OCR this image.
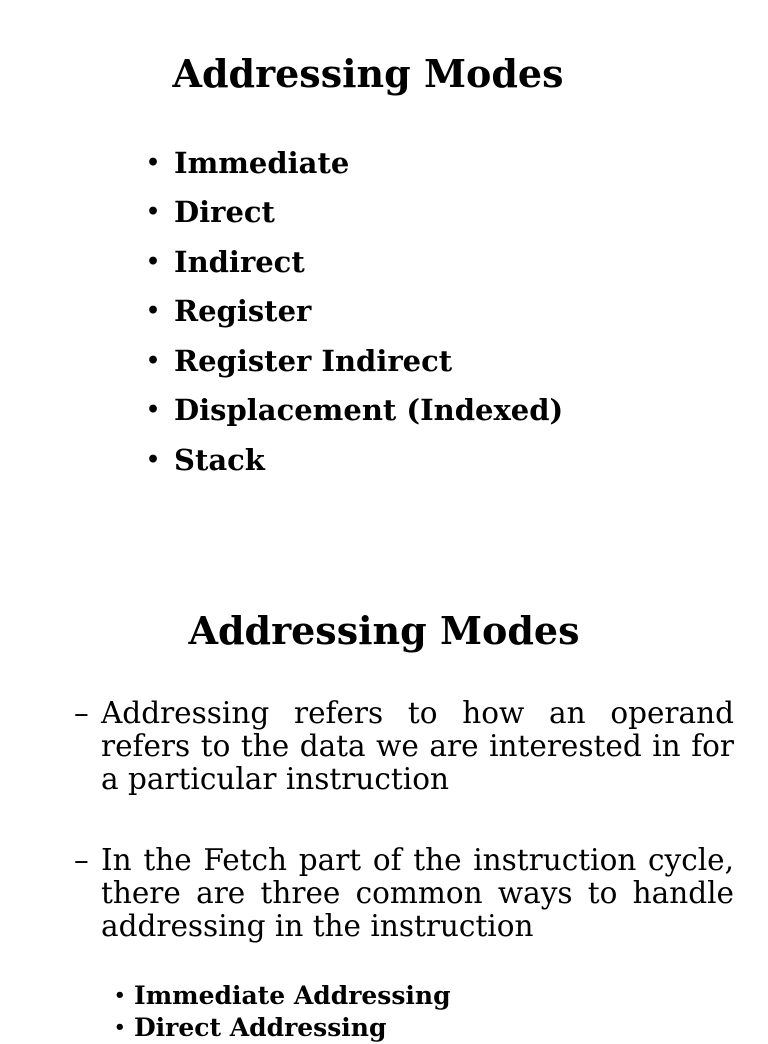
Addressing Modes
• Immediate
• Direct
• Indirect
• Register
• Register Indirect
• Displacement (Indexed)
• Stack
Addressing Modes

– Addressing refers to how an operand refers to the data we are interested in for a particular instruction

– In the Fetch part of the instruction cycle, there are three common ways to handle addressing in the instruction

• Immediate Addressing
• Direct Addressing
